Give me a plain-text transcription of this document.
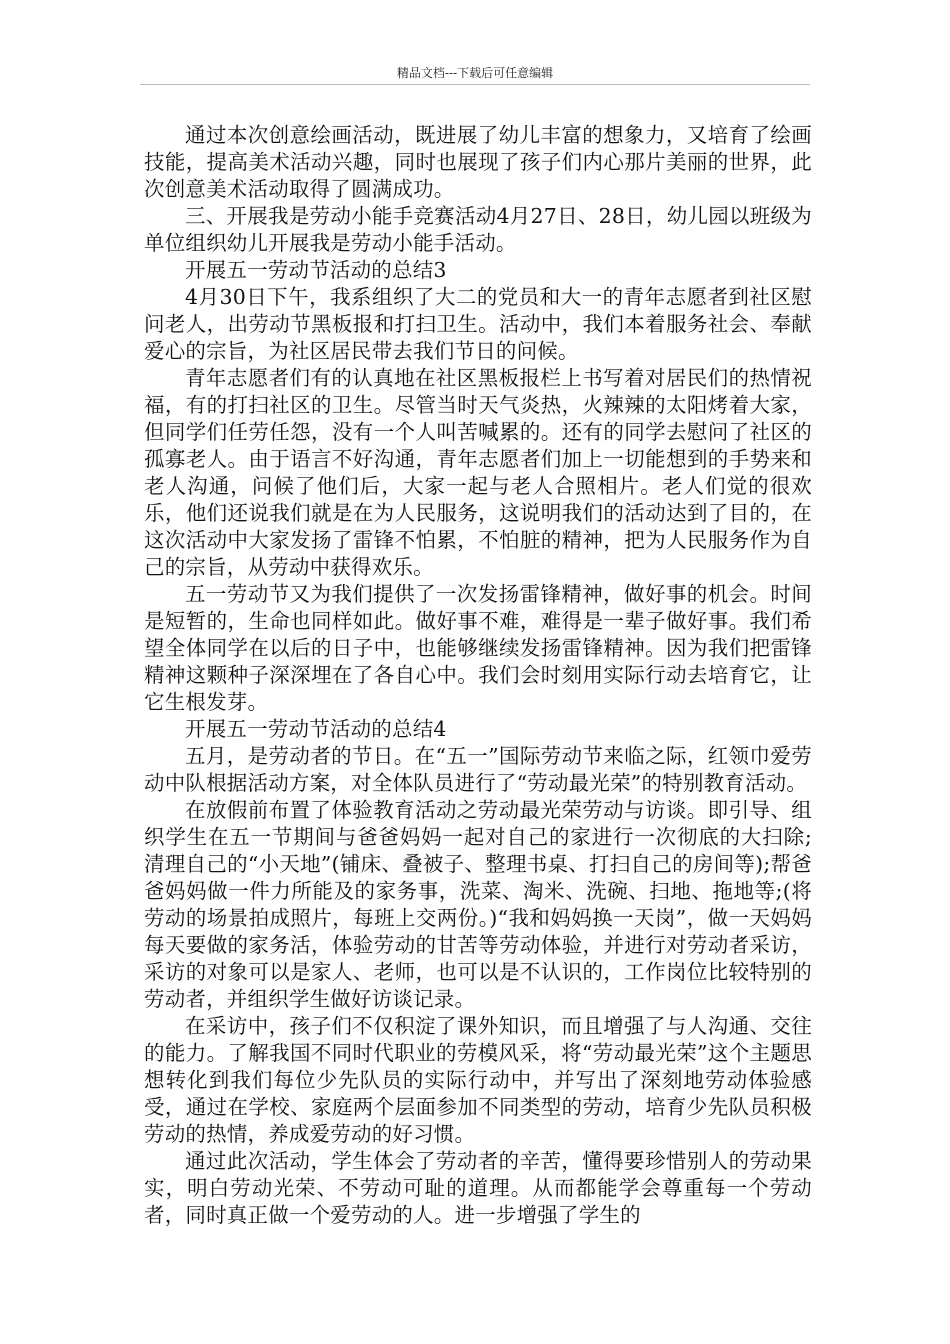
精品文档---下载后可任意编辑

通过本次创意绘画活动，既进展了幼儿丰富的想象力，又培育了绘画技能，提高美术活动兴趣，同时也展现了孩子们内心那片美丽的世界，此次创意美术活动取得了圆满成功。

三、开展我是劳动小能手竞赛活动4月27日、28日，幼儿园以班级为单位组织幼儿开展我是劳动小能手活动。

开展五一劳动节活动的总结3

4月30日下午，我系组织了大二的党员和大一的青年志愿者到社区慰问老人，出劳动节黑板报和打扫卫生。活动中，我们本着服务社会、奉献爱心的宗旨，为社区居民带去我们节日的问候。

青年志愿者们有的认真地在社区黑板报栏上书写着对居民们的热情祝福，有的打扫社区的卫生。尽管当时天气炎热，火辣辣的太阳烤着大家，但同学们任劳任怨，没有一个人叫苦喊累的。还有的同学去慰问了社区的孤寡老人。由于语言不好沟通，青年志愿者们加上一切能想到的手势来和老人沟通，问候了他们后，大家一起与老人合照相片。老人们觉的很欢乐，他们还说我们就是在为人民服务，这说明我们的活动达到了目的，在这次活动中大家发扬了雷锋不怕累，不怕脏的精神，把为人民服务作为自己的宗旨，从劳动中获得欢乐。

五一劳动节又为我们提供了一次发扬雷锋精神，做好事的机会。时间是短暂的，生命也同样如此。做好事不难，难得是一辈子做好事。我们希望全体同学在以后的日子中，也能够继续发扬雷锋精神。因为我们把雷锋精神这颗种子深深埋在了各自心中。我们会时刻用实际行动去培育它，让它生根发芽。

开展五一劳动节活动的总结4

五月，是劳动者的节日。在“五一”国际劳动节来临之际，红领巾爱劳动中队根据活动方案，对全体队员进行了“劳动最光荣”的特别教育活动。

在放假前布置了体验教育活动之劳动最光荣劳动与访谈。即引导、组织学生在五一节期间与爸爸妈妈一起对自己的家进行一次彻底的大扫除;清理自己的“小天地”(铺床、叠被子、整理书桌、打扫自己的房间等);帮爸爸妈妈做一件力所能及的家务事，洗菜、淘米、洗碗、扫地、拖地等;(将劳动的场景拍成照片，每班上交两份。)“我和妈妈换一天岗”，做一天妈妈每天要做的家务活，体验劳动的甘苦等劳动体验，并进行对劳动者采访，采访的对象可以是家人、老师，也可以是不认识的，工作岗位比较特别的劳动者，并组织学生做好访谈记录。

在采访中，孩子们不仅积淀了课外知识，而且增强了与人沟通、交往的能力。了解我国不同时代职业的劳模风采，将“劳动最光荣”这个主题思想转化到我们每位少先队员的实际行动中，并写出了深刻地劳动体验感受，通过在学校、家庭两个层面参加不同类型的劳动，培育少先队员积极劳动的热情，养成爱劳动的好习惯。

通过此次活动，学生体会了劳动者的辛苦，懂得要珍惜别人的劳动果实，明白劳动光荣、不劳动可耻的道理。从而都能学会尊重每一个劳动者，同时真正做一个爱劳动的人。进一步增强了学生的
